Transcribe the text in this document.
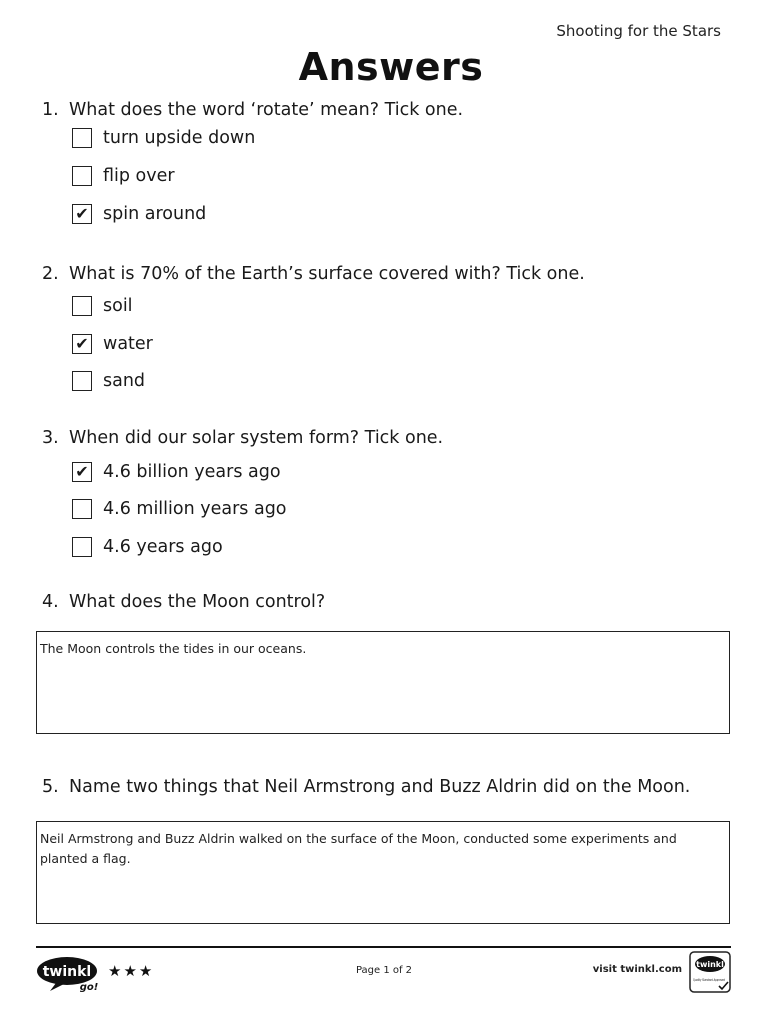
Shooting for the Stars
Answers
1. What does the word ‘rotate’ mean? Tick one.
turn upside down
flip over
✔ spin around
2. What is 70% of the Earth’s surface covered with? Tick one.
soil
✔ water
sand
3. When did our solar system form? Tick one.
✔ 4.6 billion years ago
4.6 million years ago
4.6 years ago
4. What does the Moon control?
The Moon controls the tides in our oceans.
5. Name two things that Neil Armstrong and Buzz Aldrin did on the Moon.
Neil Armstrong and Buzz Aldrin walked on the surface of the Moon, conducted some experiments and planted a flag.
twinkl
go!
★★★	Page 1 of 2	visit twinkl.com twinkl
Quality Standard Approved
